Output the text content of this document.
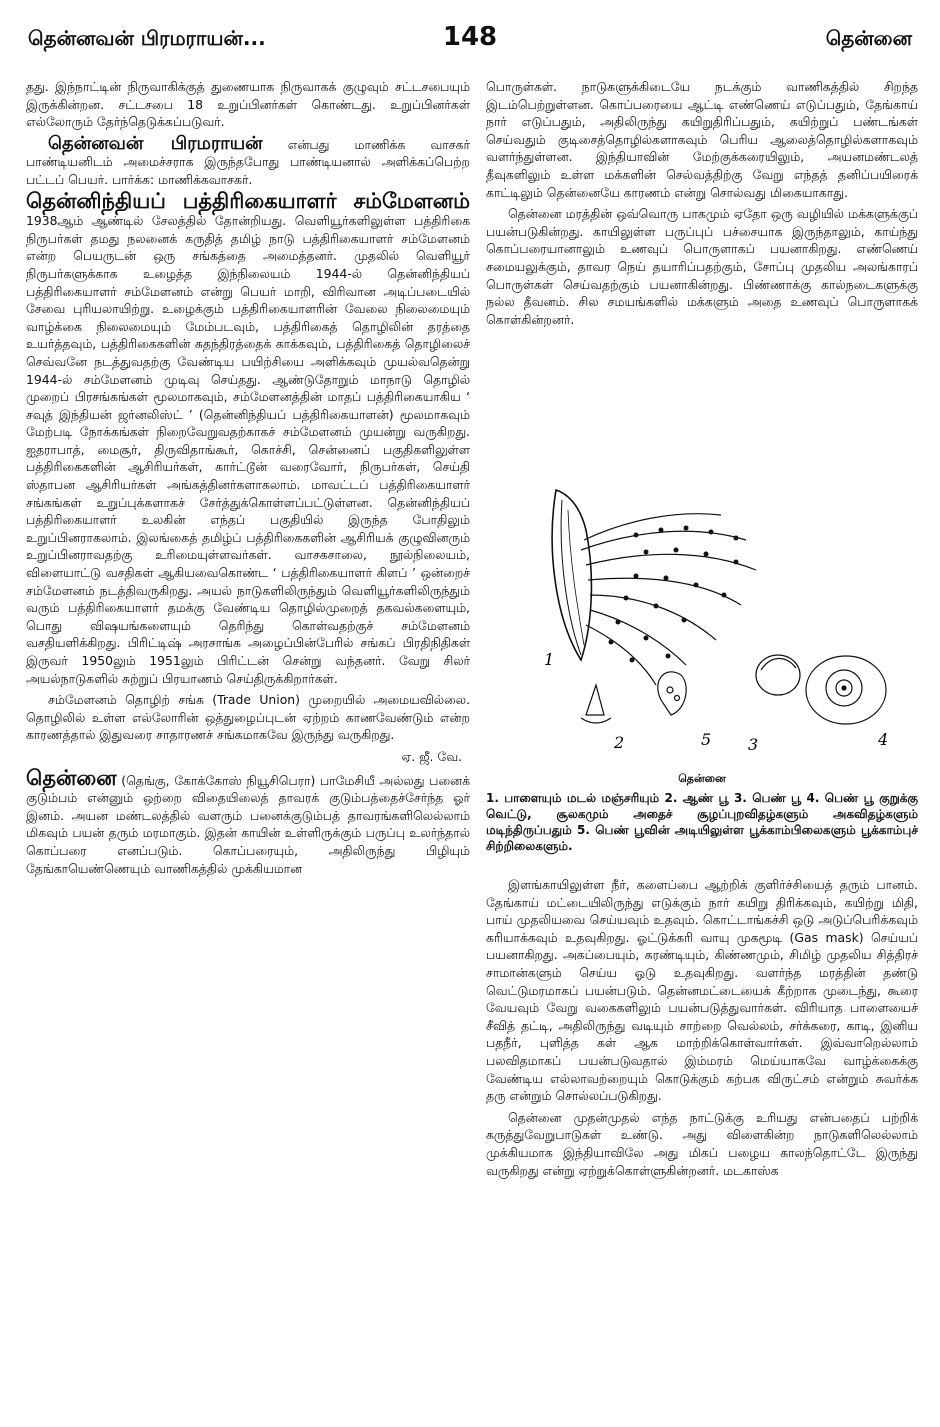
தென்னவன் பிரமராயன்...	148	தென்னை

தது. இந்நாட்டின் நிருவாகிக்குத் துணையாக நிருவாகக் குழுவும் சட்டசபையும் இருக்கின்றன. சட்டசபை 18 உறுப்பினர்கள் கொண்டது. உறுப்பினர்கள் எல்லோரும் தேர்ந்தெடுக்கப்படுவர்.

தென்னவன் பிரமராயன் என்பது மாணிக்க வாசகர் பாண்டியனிடம் அமைச்சராக இருந்தபோது பாண்டியனால் அளிக்கப்பெற்ற பட்டப் பெயர். பார்க்க: மாணிக்கவாசகர்.

தென்னிந்தியப் பத்திரிகையாளர் சம்மேளனம் 1938ஆம் ஆண்டில் சேலத்தில் தோன்றியது. வெளியூர்களிலுள்ள பத்திரிகை நிருபர்கள் தமது நலனைக் கருதித் தமிழ் நாடு பத்திரிகையாளர் சம்மேளனம் என்ற பெயருடன் ஒரு சங்கத்தை அமைத்தனர். முதலில் வெளியூர் நிருபர்களுக்காக உழைத்த இந்நிலையம் 1944-ல் தென்னிந்தியப் பத்திரிகையாளர் சம்மேளனம் என்று பெயர் மாறி, விரிவான அடிப்படையில் சேவை புரியலாயிற்று. உழைக்கும் பத்திரிகையாளரின் வேலை நிலைமையும் வாழ்க்கை நிலைமையும் மேம்படவும், பத்திரிகைத் தொழிலின் தரத்தை உயர்த்தவும், பத்திரிகைகளின் சுதந்திரத்தைக் காக்கவும், பத்திரிகைத் தொழிலைச் செவ்வனே நடத்துவதற்கு வேண்டிய பயிற்சியை அளிக்கவும் முயல்வதென்று 1944-ல் சம்மேளனம் முடிவு செய்தது. ஆண்டுதோறும் மாநாடு தொழில் முறைப் பிரசங்கங்கள் மூலமாகவும், சம்மேளனத்தின் மாதப் பத்திரிகையாகிய ‘ சவுத் இந்தியன் ஜர்னலிஸ்ட் ’ (தென்னிந்தியப் பத்திரிகையாளன்) மூலமாகவும் மேற்படி நோக்கங்கள் நிறைவேறுவதற்காகச் சம்மேளனம் முயன்று வருகிறது. ஐதராபாத், மைசூர், திருவிதாங்கூர், கொச்சி, சென்னைப் பகுதிகளிலுள்ள பத்திரிகைகளின் ஆசிரியர்கள், கார்ட்டூன் வரைவோர், நிருபர்கள், செய்தி ஸ்தாபன ஆசிரியர்கள் அங்கத்தினர்களாகலாம். மாவட்டப் பத்திரிகையாளர் சங்கங்கள் உறுப்புக்களாகச் சேர்த்துக்கொள்ளப்பட்டுள்ளன. தென்னிந்தியப் பத்திரிகையாளர் உலகின் எந்தப் பகுதியில் இருந்த போதிலும் உறுப்பினராகலாம். இலங்கைத் தமிழ்ப் பத்திரிகைகளின் ஆசிரியக் குழுவினரும் உறுப்பினராவதற்கு உரிமையுள்ளவர்கள். வாசகசாலை, நூல்நிலையம், விளையாட்டு வசதிகள் ஆகியவைகொண்ட ‘ பத்திரிகையாளர் கிளப் ’ ஒன்றைச் சம்மேளனம் நடத்திவருகிறது. அயல் நாடுகளிலிருந்தும் வெளியூர்களிலிருந்தும் வரும் பத்திரிகையாளர் தமக்கு வேண்டிய தொழில்முறைத் தகவல்களையும், பொது விஷயங்களையும் தெரிந்து கொள்வதற்குச் சம்மேளனம் வசதியளிக்கிறது. பிரிட்டிஷ் அரசாங்க அழைப்பின்பேரில் சங்கப் பிரதிநிதிகள் இருவர் 1950லும் 1951லும் பிரிட்டன் சென்று வந்தனர். வேறு சிலர் அயல்நாடுகளில் சுற்றுப் பிரயாணம் செய்திருக்கிறார்கள்.

சம்மேளனம் தொழிற் சங்க (Trade Union) முறையில் அமையவில்லை. தொழிலில் உள்ள எல்லோரின் ஒத்துழைப்புடன் ஏற்றம் காணவேண்டும் என்ற காரணத்தால் இதுவரை சாதாரணச் சங்கமாகவே இருந்து வருகிறது.

ஏ. ஜீ. வே.

தென்னை (தெங்கு, கோக்கோஸ் நியூசிபெரா) பாமேசியீ அல்லது பனைக் குடும்பம் என்னும் ஒற்றை விதையிலைத் தாவரக் குடும்பத்தைச்சேர்ந்த ஓர் இனம். அயன மண்டலத்தில் வளரும் பனைக்குடும்பத் தாவரங்களிலெல்லாம் மிகவும் பயன் தரும் மரமாகும். இதன் காயின் உள்ளிருக்கும் பருப்பு உலர்ந்தால் கொப்பரை எனப்படும். கொப்பரையும், அதிலிருந்து பிழியும் தேங்காயெண்ணெயும் வாணிகத்தில் முக்கியமான

பொருள்கள். நாடுகளுக்கிடையே நடக்கும் வாணிகத்தில் சிறந்த இடம்பெற்றுள்ளன. கொப்பரையை ஆட்டி எண்ணெய் எடுப்பதும், தேங்காய் நார் எடுப்பதும், அதிலிருந்து கயிறுதிரிப்பதும், கயிற்றுப் பண்டங்கள் செய்வதும் குடிசைத்தொழில்களாகவும் பெரிய ஆலைத்தொழில்களாகவும் வளர்ந்துள்ளன. இந்தியாவின் மேற்குக்கரையிலும், அயனமண்டலத் தீவுகளிலும் உள்ள மக்களின் செல்வத்திற்கு வேறு எந்தத் தனிப்பயிரைக் காட்டிலும் தென்னையே காரணம் என்று சொல்வது மிகையாகாது.

தென்னை மரத்தின் ஒவ்வொரு பாகமும் ஏதோ ஒரு வழியில் மக்களுக்குப் பயன்படுகின்றது. காயிலுள்ள பருப்புப் பச்சையாக இருந்தாலும், காய்ந்து கொப்பரையானாலும் உணவுப் பொருளாகப் பயனாகிறது. எண்ணெய் சமையலுக்கும், தாவர நெய் தயாரிப்பதற்கும், சோப்பு முதலிய அலங்காரப் பொருள்கள் செய்வதற்கும் பயனாகின்றது. பிண்ணாக்கு கால்நடைகளுக்கு நல்ல தீவனம். சில சமயங்களில் மக்களும் அதை உணவுப் பொருளாகக் கொள்கின்றனர்.

1
2	5 3	4
தென்னை
1. பாளையும் மடல் மஞ்சரியும் 2. ஆண் பூ 3. பெண் பூ 4. பெண் பூ குறுக்கு வெட்டு, சூலகமும் அதைச் சூழப்புறவிதழ்களும் அகவிதழ்களும் மடிந்திருப்பதும் 5. பெண் பூவின் அடியிலுள்ள பூக்காம்பிலைகளும் பூக்காம்புச் சிற்றிலைகளும்.

இளங்காயிலுள்ள நீர், களைப்பை ஆற்றிக் குளிர்ச்சியைத் தரும் பானம். தேங்காய் மட்டையிலிருந்து எடுக்கும் நார் கயிறு திரிக்கவும், கயிற்று மிதி, பாய் முதலியவை செய்யவும் உதவும். கொட்டாங்கச்சி ஒடு அடுப்பெரிக்கவும் கரியாக்கவும் உதவுகிறது. ஓட்டுக்கரி வாயு முகமூடி (Gas mask) செய்யப் பயனாகிறது. அகப்பையும், கரண்டியும், கிண்ணமும், சிமிழ் முதலிய சித்திரச் சாமான்களும் செய்ய ஓடு உதவுகிறது. வளர்ந்த மரத்தின் தண்டு வெட்டுமரமாகப் பயன்படும். தென்னமட்டையைக் கீற்றாக முடைந்து, கூரை வேயவும் வேறு வகைகளிலும் பயன்படுத்துவார்கள். விரியாத பாளையைச் சீவித் தட்டி, அதிலிருந்து வடியும் சாற்றை வெல்லம், சர்க்கரை, காடி, இனிய பதநீர், புளித்த கள் ஆக மாற்றிக்கொள்வார்கள். இவ்வாறெல்லாம் பலவிதமாகப் பயன்படுவதால் இம்மரம் மெய்யாகவே வாழ்க்கைக்கு வேண்டிய எல்லாவற்றையும் கொடுக்கும் கற்பக விருட்சம் என்றும் சுவர்க்க தரு என்றும் சொல்லப்படுகிறது.

தென்னை முதன்முதல் எந்த நாட்டுக்கு உரியது என்பதைப் பற்றிக் கருத்துவேறுபாடுகள் உண்டு. அது விளைகின்ற நாடுகளிலெல்லாம் முக்கியமாக இந்தியாவிலே அது மிகப் பழைய காலந்தொட்டே இருந்து வருகிறது என்று ஏற்றுக்கொள்ளுகின்றனர். மடகாஸ்க
